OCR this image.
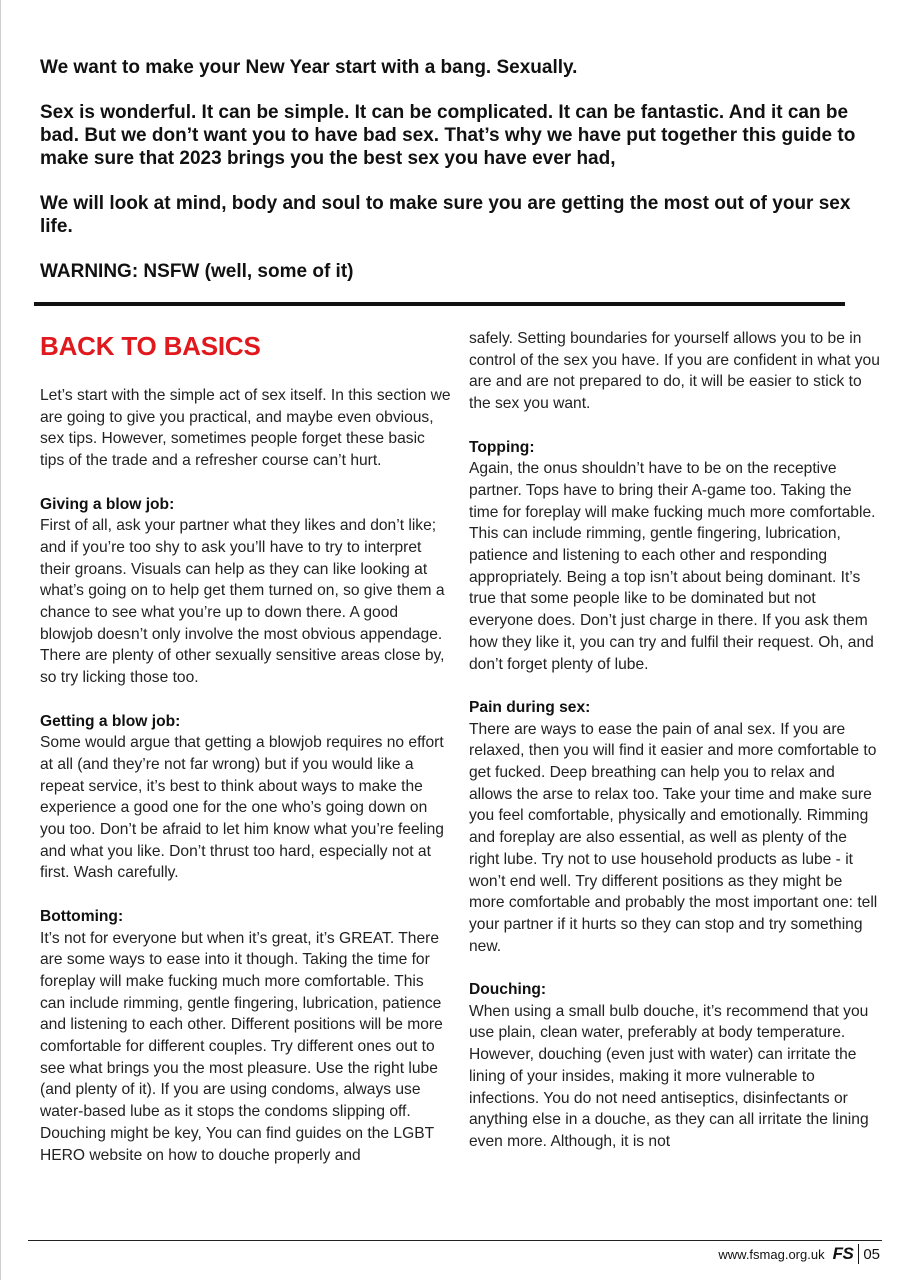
We want to make your New Year start with a bang. Sexually.

Sex is wonderful. It can be simple. It can be complicated. It can be fantastic. And it can be bad. But we don’t want you to have bad sex. That’s why we have put together this guide to make sure that 2023 brings you the best sex you have ever had,

We will look at mind, body and soul to make sure you are getting the most out of your sex life.

WARNING: NSFW (well, some of it)

BACK TO BASICS
Let’s start with the simple act of sex itself. In this section we are going to give you practical, and maybe even obvious, sex tips. However, sometimes people forget these basic tips of the trade and a refresher course can’t hurt.
Giving a blow job:
First of all, ask your partner what they likes and don’t like; and if you’re too shy to ask you’ll have to try to interpret their groans. Visuals can help as they can like looking at what’s going on to help get them turned on, so give them a chance to see what you’re up to down there. A good blowjob doesn’t only involve the most obvious appendage. There are plenty of other sexually sensitive areas close by, so try licking those too.
Getting a blow job:
Some would argue that getting a blowjob requires no effort at all (and they’re not far wrong) but if you would like a repeat service, it’s best to think about ways to make the experience a good one for the one who’s going down on you too. Don’t be afraid to let him know what you’re feeling and what you like. Don’t thrust too hard, especially not at first. Wash carefully.
Bottoming:
It’s not for everyone but when it’s great, it’s GREAT. There are some ways to ease into it though. Taking the time for foreplay will make fucking much more comfortable. This can include rimming, gentle fingering, lubrication, patience and listening to each other. Different positions will be more comfortable for different couples. Try different ones out to see what brings you the most pleasure. Use the right lube (and plenty of it). If you are using condoms, always use water-based lube as it stops the condoms slipping off. Douching might be key, You can find guides on the LGBT HERO website on how to douche properly and
safely. Setting boundaries for yourself allows you to be in control of the sex you have. If you are confident in what you are and are not prepared to do, it will be easier to stick to the sex you want.
Topping:
Again, the onus shouldn’t have to be on the receptive partner. Tops have to bring their A-game too. Taking the time for foreplay will make fucking much more comfortable. This can include rimming, gentle fingering, lubrication, patience and listening to each other and responding appropriately. Being a top isn’t about being dominant. It’s true that some people like to be dominated but not everyone does. Don’t just charge in there. If you ask them how they like it, you can try and fulfil their request. Oh, and don’t forget plenty of lube.
Pain during sex:
There are ways to ease the pain of anal sex. If you are relaxed, then you will find it easier and more comfortable to get fucked. Deep breathing can help you to relax and allows the arse to relax too. Take your time and make sure you feel comfortable, physically and emotionally. Rimming and foreplay are also essential, as well as plenty of the right lube. Try not to use household products as lube - it won’t end well. Try different positions as they might be more comfortable and probably the most important one: tell your partner if it hurts so they can stop and try something new.
Douching:
When using a small bulb douche, it’s recommend that you use plain, clean water, preferably at body temperature. However, douching (even just with water) can irritate the lining of your insides, making it more vulnerable to infections. You do not need antiseptics, disinfectants or anything else in a douche, as they can all irritate the lining even more. Although, it is not
www.fsmag.org.uk FS 05
